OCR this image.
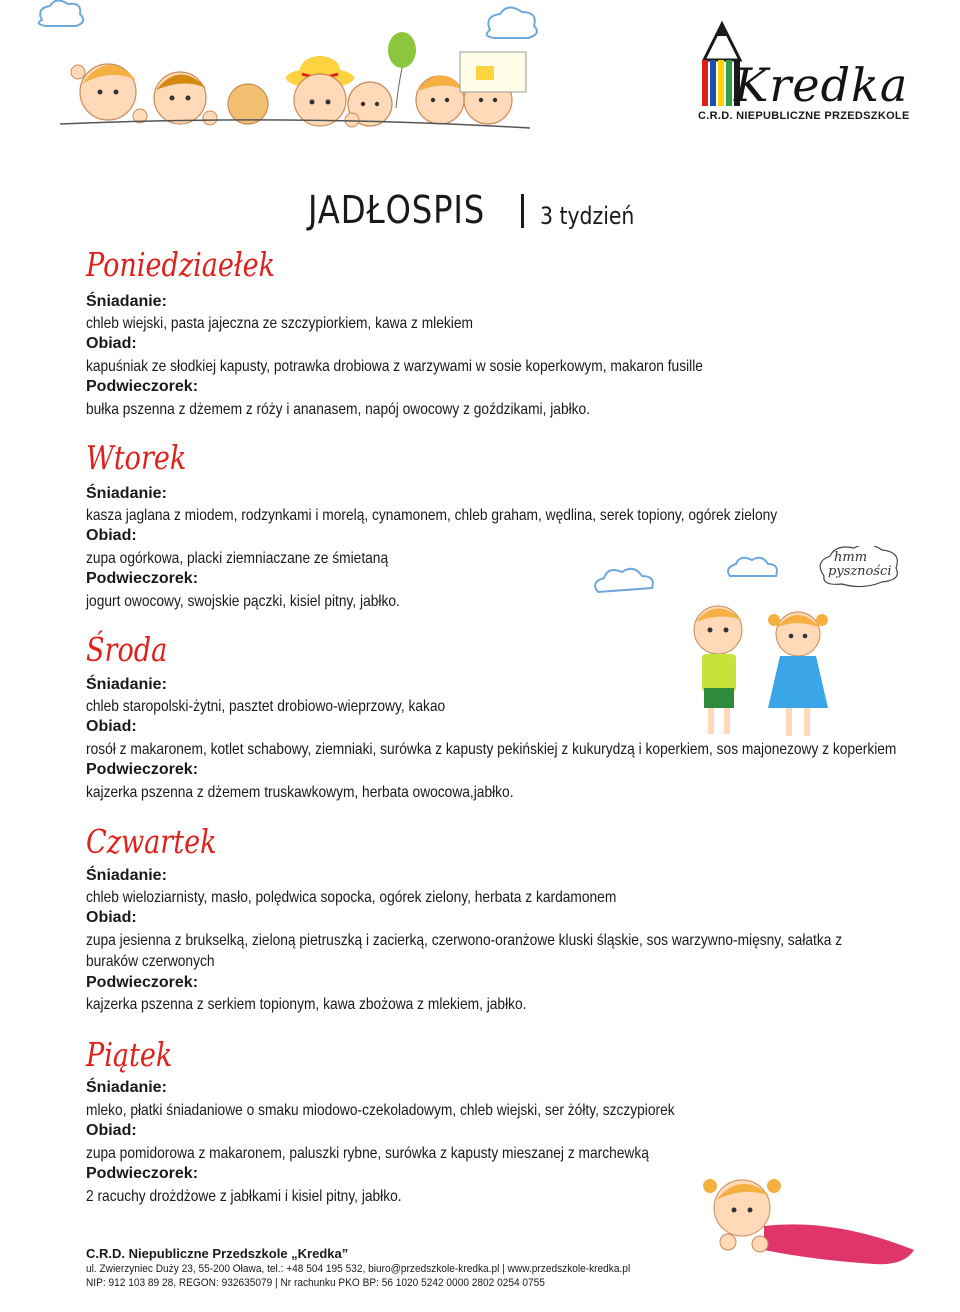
Kredka
C.R.D. NIEPUBLICZNE PRZEDSZKOLE
JADŁOSPIS 3 tydzień
Poniedziaełek
Śniadanie:
chleb wiejski, pasta jajeczna ze szczypiorkiem, kawa z mlekiem
Obiad:
kapuśniak ze słodkiej kapusty, potrawka drobiowa z warzywami w sosie koperkowym, makaron fusille
Podwieczorek:
bułka pszenna z dżemem z róży i ananasem, napój owocowy z goździkami, jabłko.
Wtorek
Śniadanie:
kasza jaglana z miodem, rodzynkami i morelą, cynamonem, chleb graham, wędlina, serek topiony, ogórek zielony
Obiad:
zupa ogórkowa, placki ziemniaczane ze śmietaną
Podwieczorek:
jogurt owocowy, swojskie pączki, kisiel pitny, jabłko.
Środa
Śniadanie:
chleb staropolski-żytni, pasztet drobiowo-wieprzowy, kakao
Obiad:
rosół z makaronem, kotlet schabowy, ziemniaki, surówka z kapusty pekińskiej z kukurydzą i koperkiem, sos majonezowy z koperkiem
Podwieczorek:
kajzerka pszenna z dżemem truskawkowym, herbata owocowa,jabłko.
Czwartek
Śniadanie:
chleb wieloziarnisty, masło, polędwica sopocka, ogórek zielony, herbata z kardamonem
Obiad:
zupa jesienna z brukselką, zieloną pietruszką i zacierką, czerwono-oranżowe kluski śląskie, sos warzywno-mięsny, sałatka z buraków czerwonych
Podwieczorek:
kajzerka pszenna z serkiem topionym, kawa zbożowa z mlekiem, jabłko.
Piątek
Śniadanie:
mleko, płatki śniadaniowe o smaku miodowo-czekoladowym, chleb wiejski, ser żółty, szczypiorek
Obiad:
zupa pomidorowa z makaronem, paluszki rybne, surówka z kapusty mieszanej z marchewką
Podwieczorek:
2 racuchy drożdżowe z jabłkami i kisiel pitny, jabłko.
hmm
pyszności
C.R.D. Niepubliczne Przedszkole „Kredka”
ul. Zwierzyniec Duży 23, 55-200 Oława, tel.: +48 504 195 532, biuro@przedszkole-kredka.pl | www.przedszkole-kredka.pl
NIP: 912 103 89 28, REGON: 932635079 | Nr rachunku PKO BP: 56 1020 5242 0000 2802 0254 0755
